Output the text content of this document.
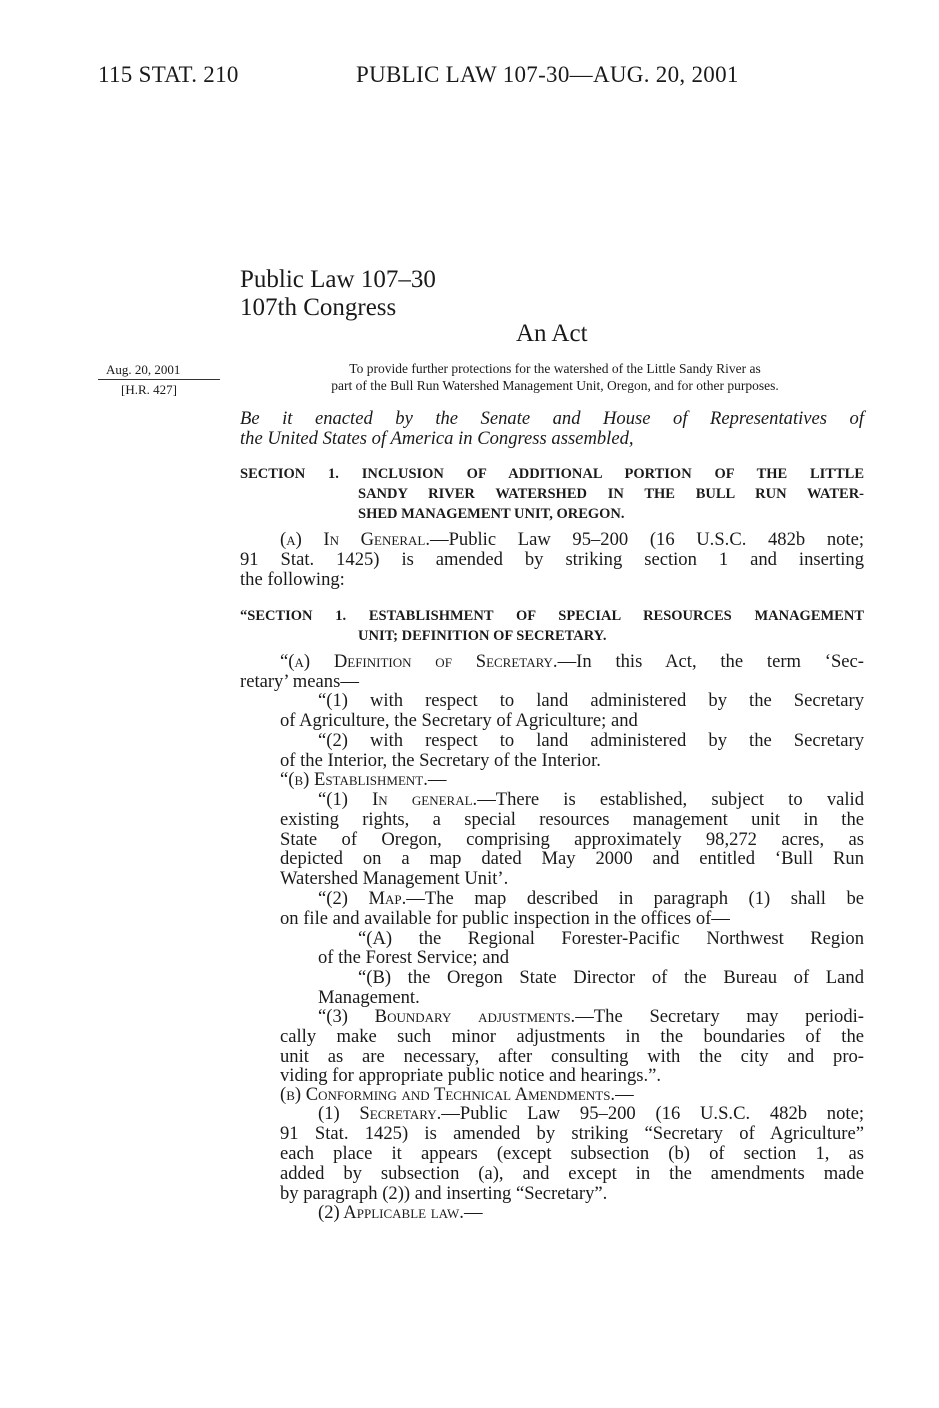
115 STAT. 210	PUBLIC LAW 107-30—AUG. 20, 2001
Public Law 107–30
107th Congress
An Act
Aug. 20, 2001
[H.R. 427]
To provide further protections for the watershed of the Little Sandy River as
part of the Bull Run Watershed Management Unit, Oregon, and for other purposes.
Be it enacted by the Senate and House of Representatives of
the United States of America in Congress assembled,
SECTION 1. INCLUSION OF ADDITIONAL PORTION OF THE LITTLE
SANDY RIVER WATERSHED IN THE BULL RUN WATER-
SHED MANAGEMENT UNIT, OREGON.
(a) In General.—Public Law 95–200 (16 U.S.C. 482b note;
91 Stat. 1425) is amended by striking section 1 and inserting
the following:
“SECTION 1. ESTABLISHMENT OF SPECIAL RESOURCES MANAGEMENT
UNIT; DEFINITION OF SECRETARY.
“(a) Definition of Secretary.—In this Act, the term ‘Sec-
retary’ means—
“(1) with respect to land administered by the Secretary
of Agriculture, the Secretary of Agriculture; and
“(2) with respect to land administered by the Secretary
of the Interior, the Secretary of the Interior.
“(b) Establishment.—
“(1) In general.—There is established, subject to valid
existing rights, a special resources management unit in the
State of Oregon, comprising approximately 98,272 acres, as
depicted on a map dated May 2000 and entitled ‘Bull Run
Watershed Management Unit’.
“(2) Map.—The map described in paragraph (1) shall be
on file and available for public inspection in the offices of—
“(A) the Regional Forester-Pacific Northwest Region
of the Forest Service; and
“(B) the Oregon State Director of the Bureau of Land
Management.
“(3) Boundary adjustments.—The Secretary may periodi-
cally make such minor adjustments in the boundaries of the
unit as are necessary, after consulting with the city and pro-
viding for appropriate public notice and hearings.”.
(b) Conforming and Technical Amendments.—
(1) Secretary.—Public Law 95–200 (16 U.S.C. 482b note;
91 Stat. 1425) is amended by striking “Secretary of Agriculture”
each place it appears (except subsection (b) of section 1, as
added by subsection (a), and except in the amendments made
by paragraph (2)) and inserting “Secretary”.
(2) Applicable law.—
